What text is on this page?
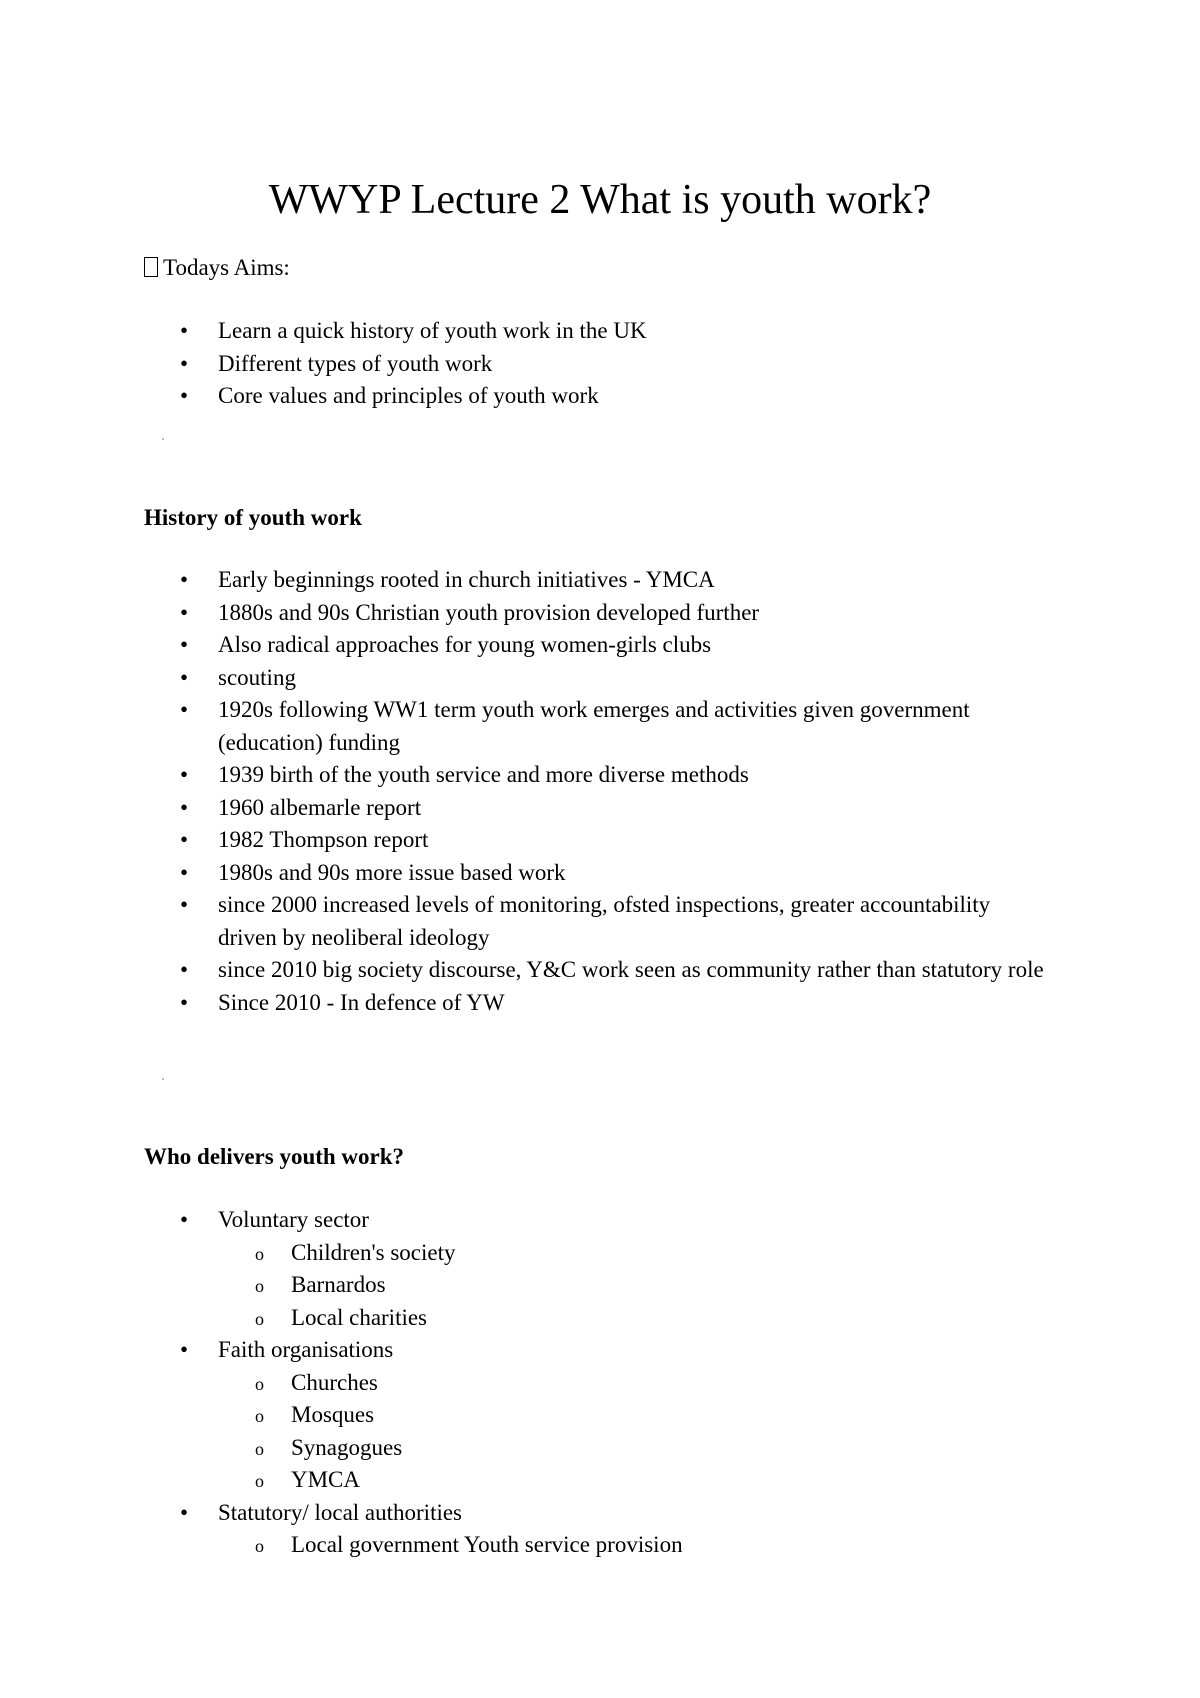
WWYP Lecture 2 What is youth work?

Todays Aims:

• Learn a quick history of youth work in the UK
• Different types of youth work
• Core values and principles of youth work
History of youth work
• Early beginnings rooted in church initiatives - YMCA
• 1880s and 90s Christian youth provision developed further
• Also radical approaches for young women-girls clubs
• scouting
• 1920s following WW1 term youth work emerges and activities given government (education) funding
• 1939 birth of the youth service and more diverse methods
• 1960 albemarle report
• 1982 Thompson report
• 1980s and 90s more issue based work
• since 2000 increased levels of monitoring, ofsted inspections, greater accountability driven by neoliberal ideology
• since 2010 big society discourse, Y&C work seen as community rather than statutory role
• Since 2010 - In defence of YW
Who delivers youth work?
• Voluntary sector
o Children's society
o Barnardos
o Local charities
• Faith organisations
o Churches
o Mosques
o Synagogues
o YMCA
• Statutory/ local authorities
o Local government Youth service provision
